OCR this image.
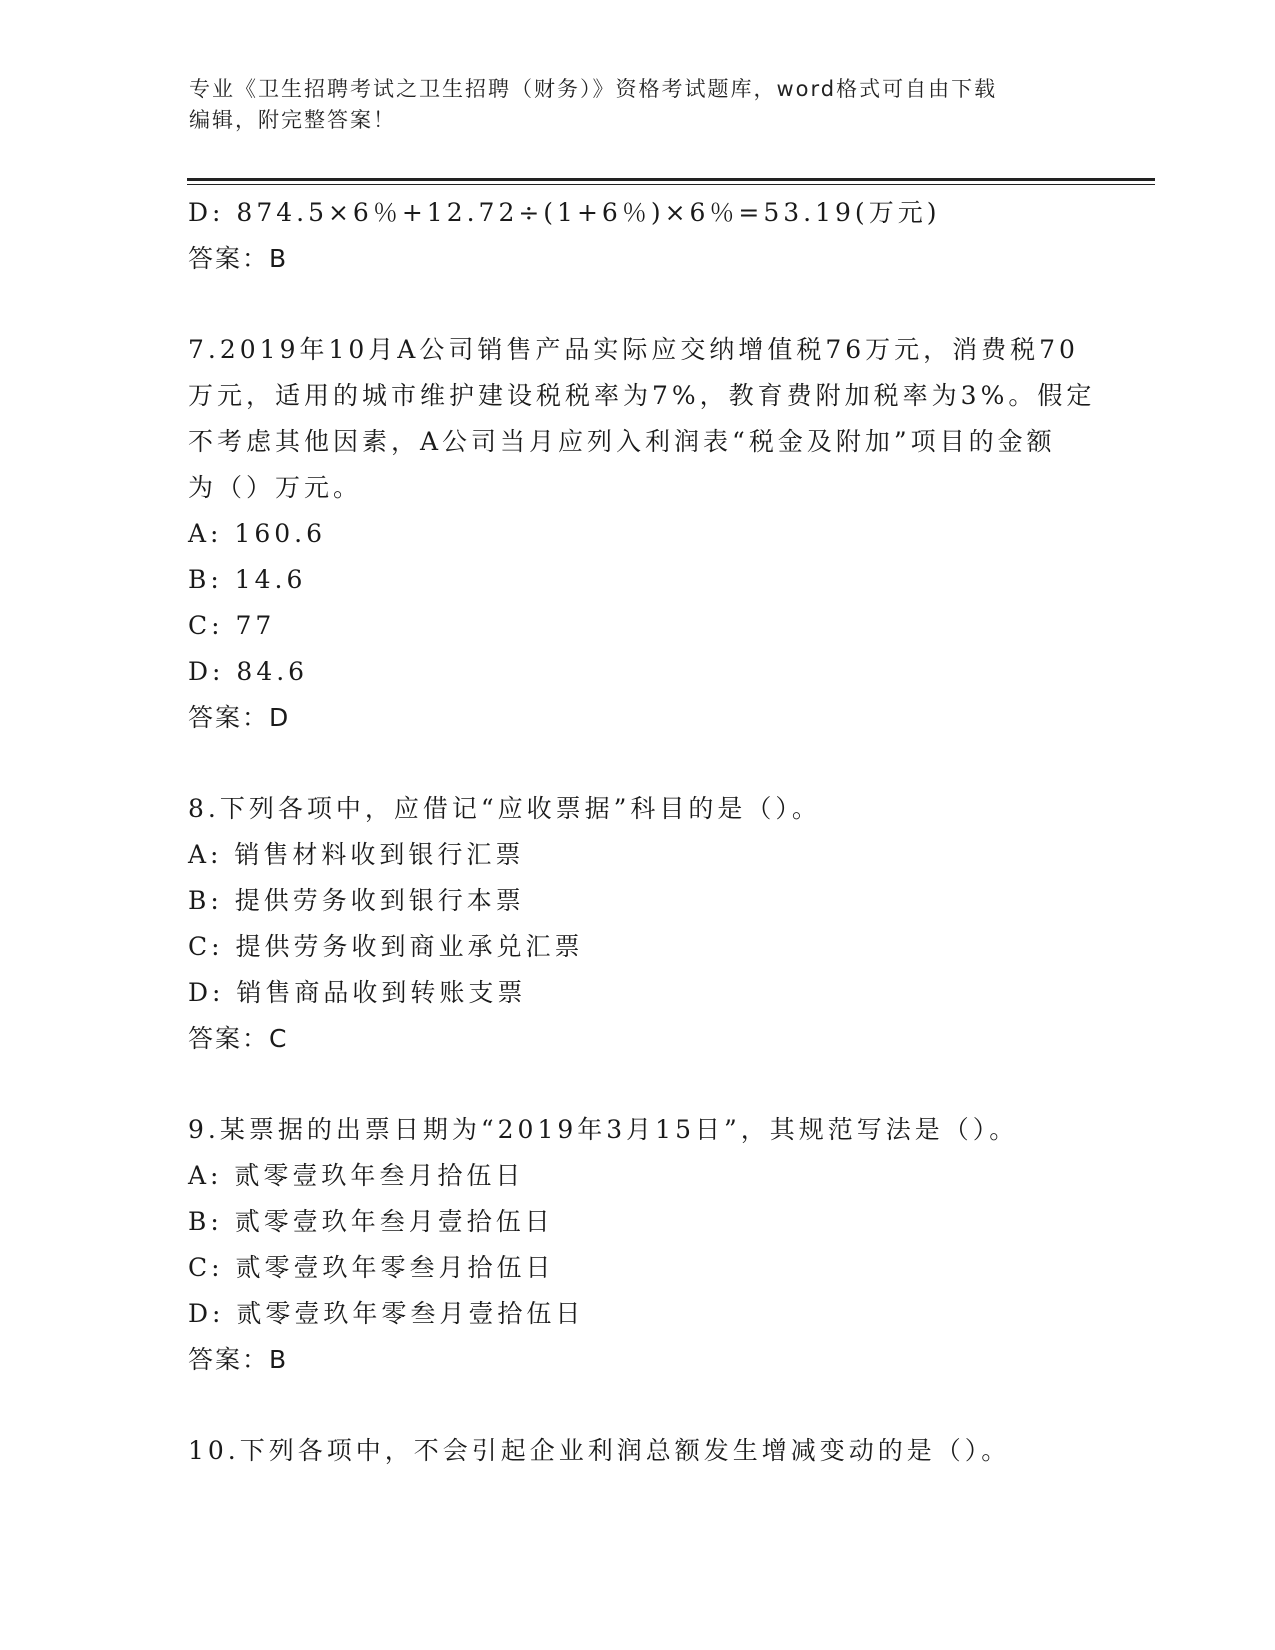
专业《卫生招聘考试之卫生招聘（财务）》资格考试题库，word格式可自由下载
编辑，附完整答案！
D: 874.5×6％+12.72÷(1+6％)×6％=53.19(万元)
答案：B
7.2019年10月A公司销售产品实际应交纳增值税76万元，消费税70
万元，适用的城市维护建设税税率为7%，教育费附加税率为3%。假定
不考虑其他因素，A公司当月应列入利润表“税金及附加”项目的金额
为（）万元。
A: 160.6
B: 14.6
C: 77
D: 84.6
答案：D
8.下列各项中，应借记“应收票据”科目的是（）。
A: 销售材料收到银行汇票
B: 提供劳务收到银行本票
C: 提供劳务收到商业承兑汇票
D: 销售商品收到转账支票
答案：C
9.某票据的出票日期为“2019年3月15日”，其规范写法是（）。
A: 贰零壹玖年叁月拾伍日
B: 贰零壹玖年叁月壹拾伍日
C: 贰零壹玖年零叁月拾伍日
D: 贰零壹玖年零叁月壹拾伍日
答案：B
10.下列各项中，不会引起企业利润总额发生增减变动的是（）。
